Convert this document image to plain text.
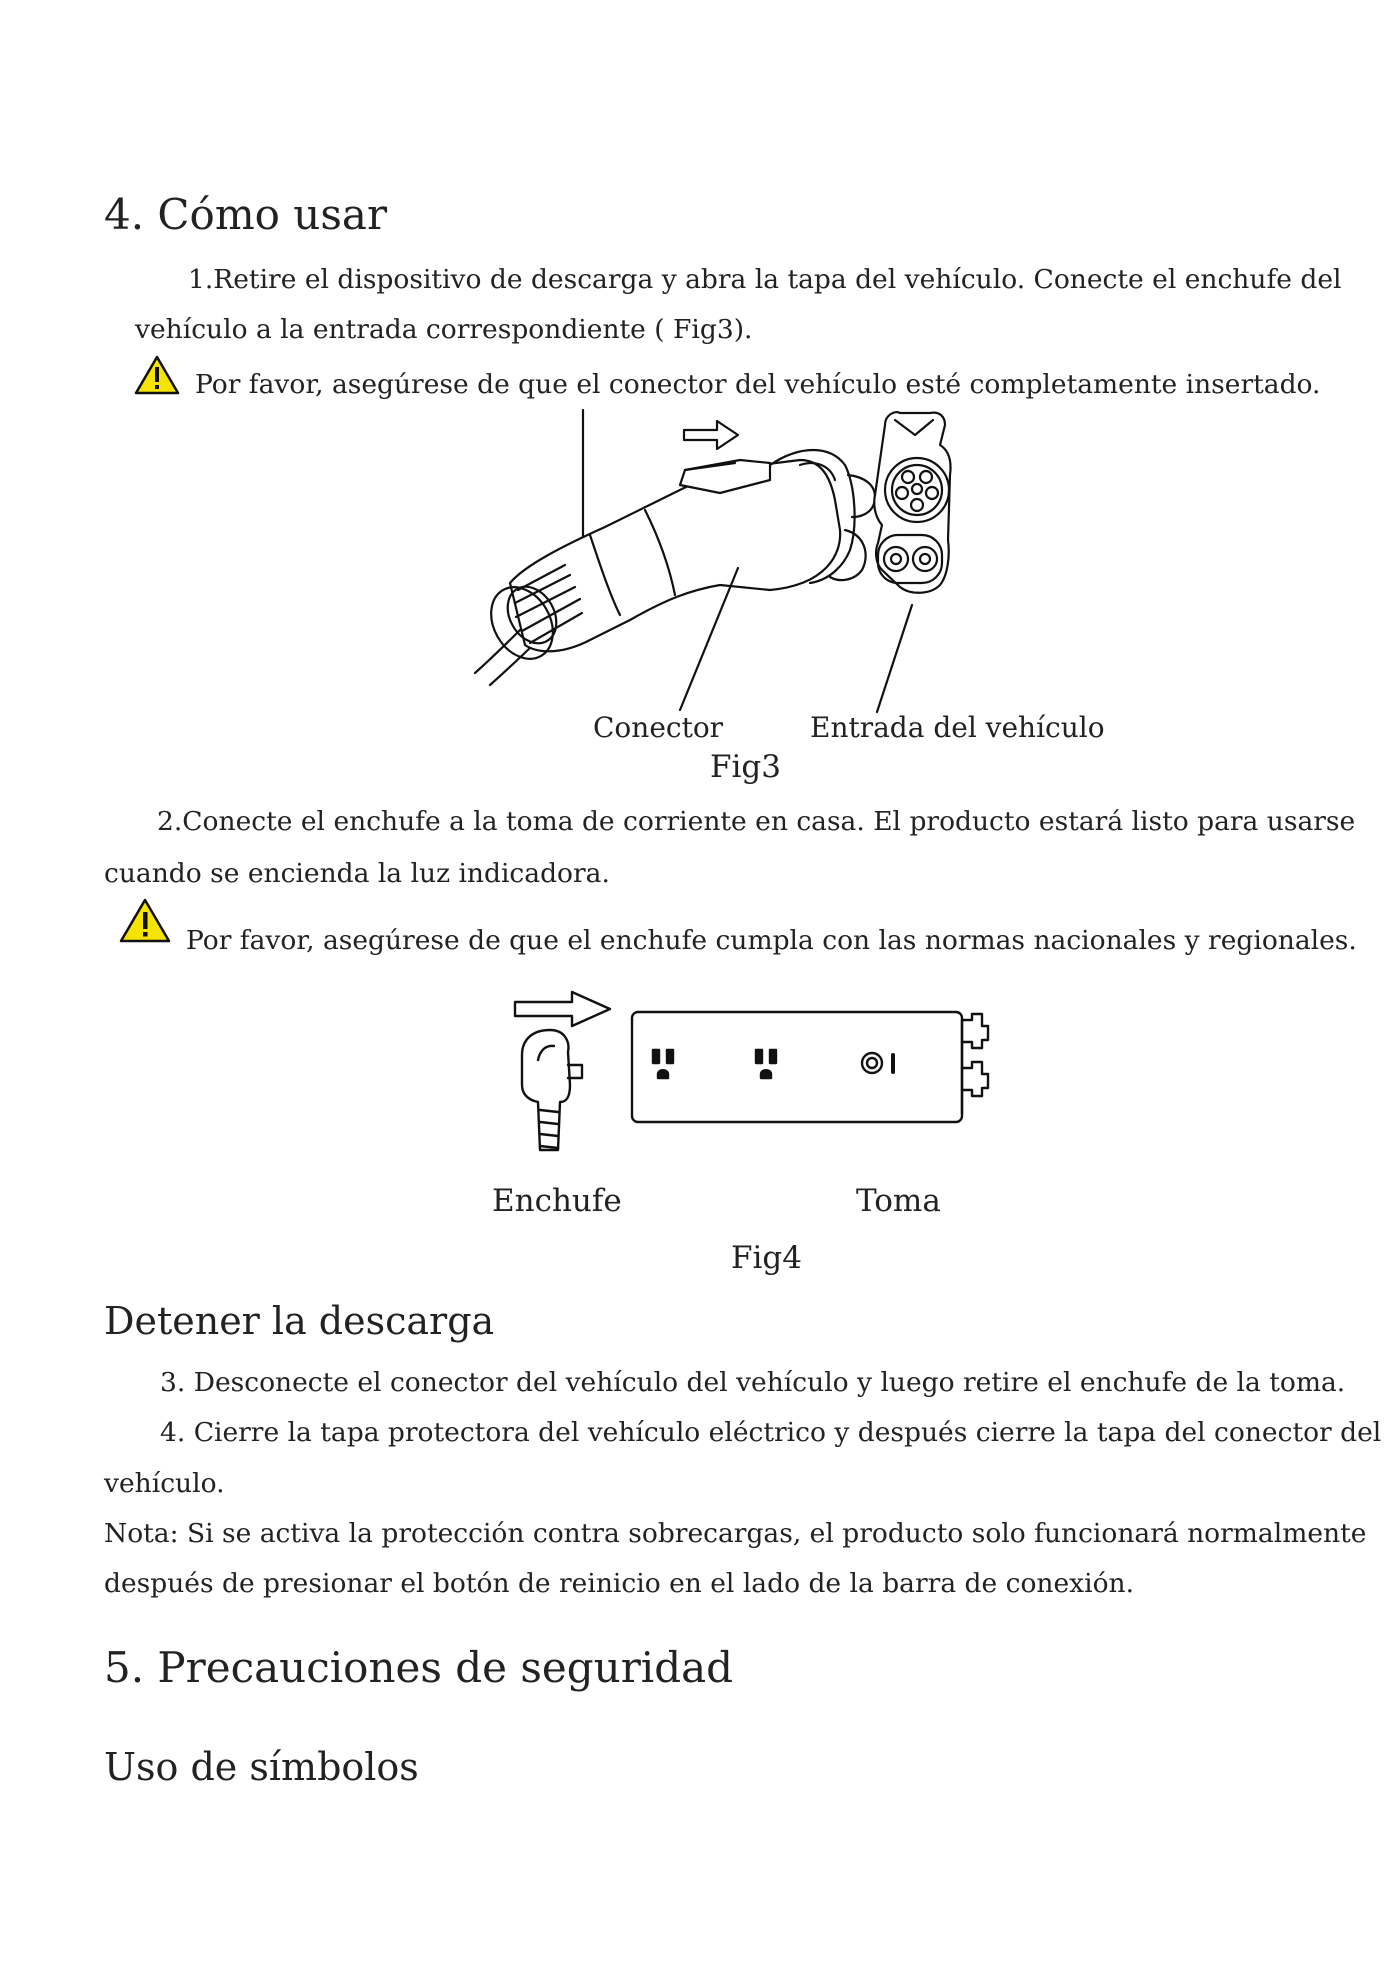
4. Cómo usar
1.Retire el dispositivo de descarga y abra la tapa del vehículo. Conecte el enchufe del
vehículo a la entrada correspondiente ( Fig3).
Por favor, asegúrese de que el conector del vehículo esté completamente insertado.
Conector	Entrada del vehículo
Fig3
2.Conecte el enchufe a la toma de corriente en casa. El producto estará listo para usarse
cuando se encienda la luz indicadora.
Por favor, asegúrese de que el enchufe cumpla con las normas nacionales y regionales.
Enchufe	Toma
Fig4
Detener la descarga
3. Desconecte el conector del vehículo del vehículo y luego retire el enchufe de la toma.
4. Cierre la tapa protectora del vehículo eléctrico y después cierre la tapa del conector del
vehículo.
Nota: Si se activa la protección contra sobrecargas, el producto solo funcionará normalmente
después de presionar el botón de reinicio en el lado de la barra de conexión.
5. Precauciones de seguridad
Uso de símbolos
